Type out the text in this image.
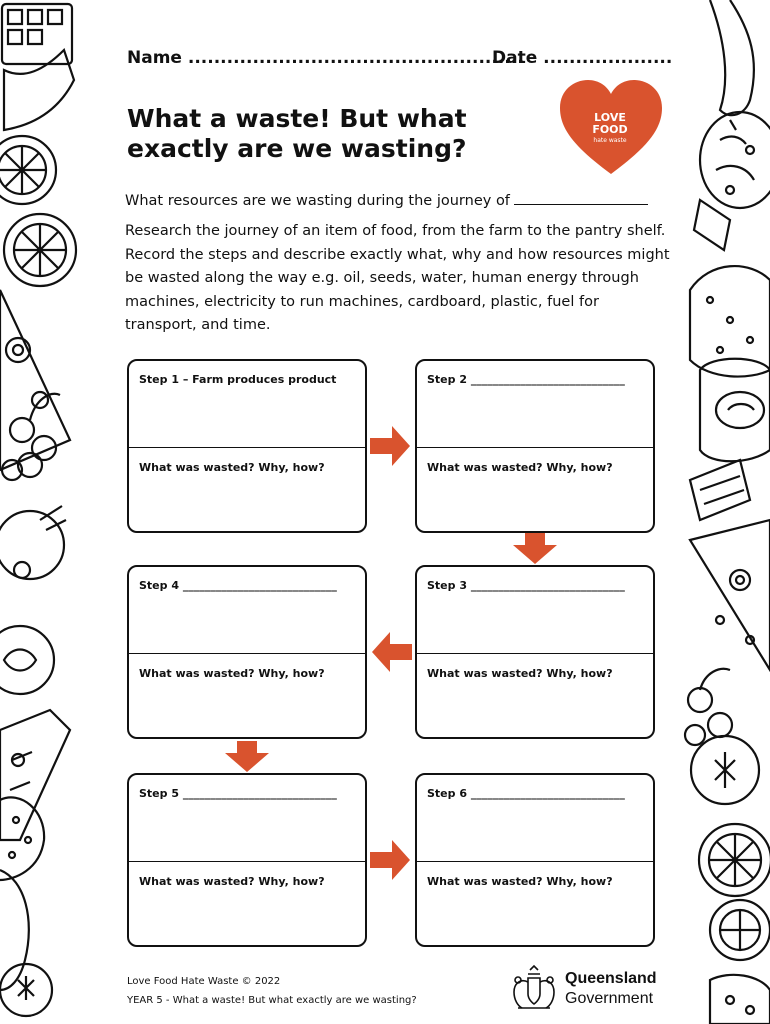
Name ....................................................
Date ....................
What a waste! But what exactly are we wasting?
LOVE
FOOD
hate waste
What resources are we wasting during the journey of

Research the journey of an item of food, from the farm to the pantry shelf. Record the steps and describe exactly what, why and how resources might be wasted along the way e.g. oil, seeds, water, human energy through machines, electricity to run machines, cardboard, plastic, fuel for transport, and time.

Step 1 – Farm produces product
What was wasted? Why, how?
Step 2 ____________________________
What was wasted? Why, how?
Step 3 ____________________________
What was wasted? Why, how?
Step 4 ____________________________
What was wasted? Why, how?
Step 5 ____________________________
What was wasted? Why, how?
Step 6 ____________________________
What was wasted? Why, how?
Love Food Hate Waste © 2022
YEAR 5 - What a waste! But what exactly are we wasting?
Queensland
Government
